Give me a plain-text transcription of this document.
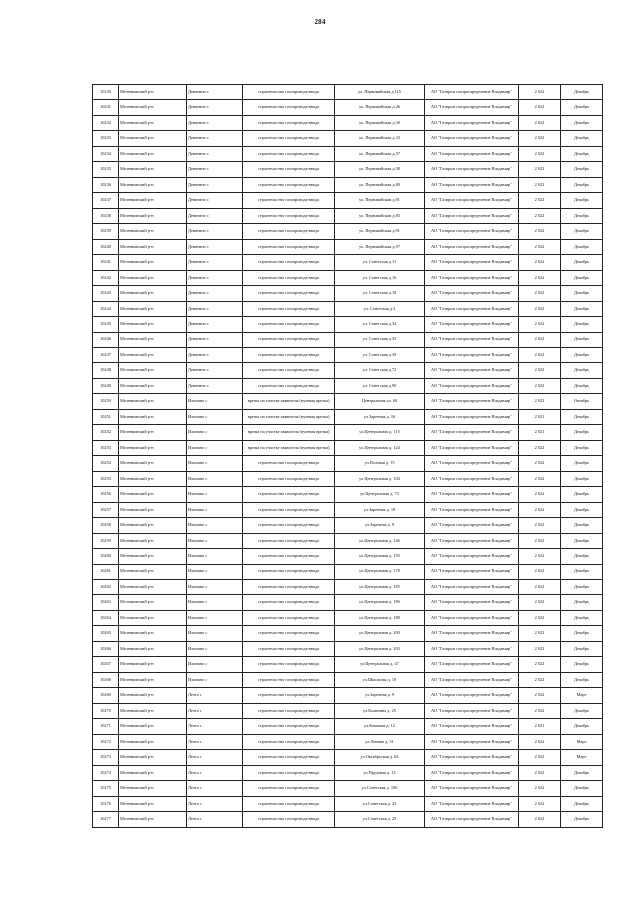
284
10230	Меленковский р-н	Денятино с	строительство газопровода-ввода	ул. Первомайская д.115	АО "Газпром газораспределение Владимир"	2 022	Декабрь
10231	Меленковский р-н	Денятино с	строительство газопровода-ввода	ул. Первомайская д.26	АО "Газпром газораспределение Владимир"	2 022	Декабрь
10232	Меленковский р-н	Денятино с	строительство газопровода-ввода	ул. Первомайская д.30	АО "Газпром газораспределение Владимир"	2 022	Декабрь
10233	Меленковский р-н	Денятино с	строительство газопровода-ввода	ул. Первомайская д.33	АО "Газпром газораспределение Владимир"	2 022	Декабрь
10234	Меленковский р-н	Денятино с	строительство газопровода-ввода	ул. Первомайская д.57	АО "Газпром газораспределение Владимир"	2 022	Декабрь
10235	Меленковский р-н	Денятино с	строительство газопровода-ввода	ул. Первомайская д.58	АО "Газпром газораспределение Владимир"	2 022	Декабрь
10236	Меленковский р-н	Денятино с	строительство газопровода-ввода	ул. Первомайская д.80	АО "Газпром газораспределение Владимир"	2 022	Декабрь
10237	Меленковский р-н	Денятино с	строительство газопровода-ввода	ул. Первомайская д.81	АО "Газпром газораспределение Владимир"	2 022	Декабрь
10238	Меленковский р-н	Денятино с	строительство газопровода-ввода	ул. Первомайская д.85	АО "Газпром газораспределение Владимир"	2 022	Декабрь
10239	Меленковский р-н	Денятино с	строительство газопровода-ввода	ул. Первомайская д.91	АО "Газпром газораспределение Владимир"	2 022	Декабрь
10240	Меленковский р-н	Денятино с	строительство газопровода-ввода	ул. Первомайская д.97	АО "Газпром газораспределение Владимир"	2 022	Декабрь
10241	Меленковский р-н	Денятино с	строительство газопровода-ввода	ул. Советская д.11	АО "Газпром газораспределение Владимир"	2 022	Декабрь
10242	Меленковский р-н	Денятино с	строительство газопровода-ввода	ул. Советская д.16	АО "Газпром газораспределение Владимир"	2 022	Декабрь
10243	Меленковский р-н	Денятино с	строительство газопровода-ввода	ул. Советская д.18	АО "Газпром газораспределение Владимир"	2 022	Декабрь
10244	Меленковский р-н	Денятино с	строительство газопровода-ввода	ул. Советская д.3	АО "Газпром газораспределение Владимир"	2 022	Декабрь
10245	Меленковский р-н	Денятино с	строительство газопровода-ввода	ул. Советская д.34	АО "Газпром газораспределение Владимир"	2 022	Декабрь
10246	Меленковский р-н	Денятино с	строительство газопровода-ввода	ул. Советская д.35	АО "Газпром газораспределение Владимир"	2 022	Декабрь
10247	Меленковский р-н	Денятино с	строительство газопровода-ввода	ул. Советская д.39	АО "Газпром газораспределение Владимир"	2 022	Декабрь
10248	Меленковский р-н	Денятино с	строительство газопровода-ввода	ул. Советская д.72	АО "Газпром газораспределение Владимир"	2 022	Декабрь
10249	Меленковский р-н	Денятино с	строительство газопровода-ввода	ул. Советская д.90	АО "Газпром газораспределение Владимир"	2 022	Декабрь
10250	Меленковский р-н	Ильнино с	врезка на участке заявителя (нулевая врезка)	Центральная ул. 60	АО "Газпром газораспределение Владимир"	2 022	Октябрь
10251	Меленковский р-н	Ильнино с	врезка на участке заявителя (нулевая врезка)	ул.Заречная д. 16	АО "Газпром газораспределение Владимир"	2 021	Декабрь
10252	Меленковский р-н	Ильнино с	врезка на участке заявителя (нулевая врезка)	ул.Центральная д. 115	АО "Газпром газораспределение Владимир"	2 021	Декабрь
10253	Меленковский р-н	Ильнино с	врезка на участке заявителя (нулевая врезка)	ул.Центральная д. 124	АО "Газпром газораспределение Владимир"	2 022	Декабрь
10254	Меленковский р-н	Ильнино с	строительство газопровода-ввода	ул.Полевая д. 15	АО "Газпром газораспределение Владимир"	2 022	Декабрь
10255	Меленковский р-н	Ильнино с	строительство газопровода-ввода	ул.Центральная д. 104	АО "Газпром газораспределение Владимир"	2 022	Декабрь
10256	Меленковский р-н	Ильнино с	строительство газопровода-ввода	ул.Центральная д. 73	АО "Газпром газораспределение Владимир"	2 022	Декабрь
10257	Меленковский р-н	Ильнино с	строительство газопровода-ввода	ул.Заречная д. 18	АО "Газпром газораспределение Владимир"	2 022	Декабрь
10258	Меленковский р-н	Ильнино с	строительство газопровода-ввода	ул.Заречная д. 9	АО "Газпром газораспределение Владимир"	2 022	Декабрь
10259	Меленковский р-н	Ильнино с	строительство газопровода-ввода	ул.Центральная д. 146	АО "Газпром газораспределение Владимир"	2 022	Декабрь
10260	Меленковский р-н	Ильнино с	строительство газопровода-ввода	ул.Центральная д. 150	АО "Газпром газораспределение Владимир"	2 022	Декабрь
10261	Меленковский р-н	Ильнино с	строительство газопровода-ввода	ул.Центральная д. 178	АО "Газпром газораспределение Владимир"	2 022	Декабрь
10262	Меленковский р-н	Ильнино с	строительство газопровода-ввода	ул.Центральная д. 185	АО "Газпром газораспределение Владимир"	2 022	Декабрь
10263	Меленковский р-н	Ильнино с	строительство газопровода-ввода	ул.Центральная д. 186	АО "Газпром газораспределение Владимир"	2 022	Декабрь
10264	Меленковский р-н	Ильнино с	строительство газопровода-ввода	ул.Центральная д. 188	АО "Газпром газораспределение Владимир"	2 022	Декабрь
10265	Меленковский р-н	Ильнино с	строительство газопровода-ввода	ул.Центральная д. 200	АО "Газпром газораспределение Владимир"	2 022	Декабрь
10266	Меленковский р-н	Ильнино с	строительство газопровода-ввода	ул.Центральная д. 203	АО "Газпром газораспределение Владимир"	2 022	Декабрь
10267	Меленковский р-н	Ильнино с	строительство газопровода-ввода	ул.Центральная д. 47	АО "Газпром газораспределение Владимир"	2 022	Декабрь
10268	Меленковский р-н	Ильнино с	строительство газопровода-ввода	ул.Школьная д. 18	АО "Газпром газораспределение Владимир"	2 022	Декабрь
10269	Меленковский р-н	Лехта с	строительство газопровода-ввода	ул.Заречная д. 9	АО "Газпром газораспределение Владимир"	2 022	Март
10270	Меленковский р-н	Лехта с	строительство газопровода-ввода	ул.Калинина д. 25	АО "Газпром газораспределение Владимир"	2 022	Декабрь
10271	Меленковский р-н	Лехта с	строительство газопровода-ввода	ул.Кошкова д. 12	АО "Газпром газораспределение Владимир"	2 021	Декабрь
10272	Меленковский р-н	Лехта с	строительство газопровода-ввода	ул.Ленина д. 31	АО "Газпром газораспределение Владимир"	2 022	Март
10273	Меленковский р-н	Лехта с	строительство газопровода-ввода	ул.Октябрьская д. 62	АО "Газпром газораспределение Владимир"	2 022	Март
10274	Меленковский р-н	Лехта с	строительство газопровода-ввода	ул.Прудовая д. 13	АО "Газпром газораспределение Владимир"	2 022	Декабрь
10275	Меленковский р-н	Лехта с	строительство газопровода-ввода	ул.Советская д. 106	АО "Газпром газораспределение Владимир"	2 022	Декабрь
10276	Меленковский р-н	Лехта с	строительство газопровода-ввода	ул.Советская д. 23	АО "Газпром газораспределение Владимир"	2 022	Декабрь
10277	Меленковский р-н	Лехта с	строительство газопровода-ввода	ул.Советская д. 25	АО "Газпром газораспределение Владимир"	2 022	Декабрь
